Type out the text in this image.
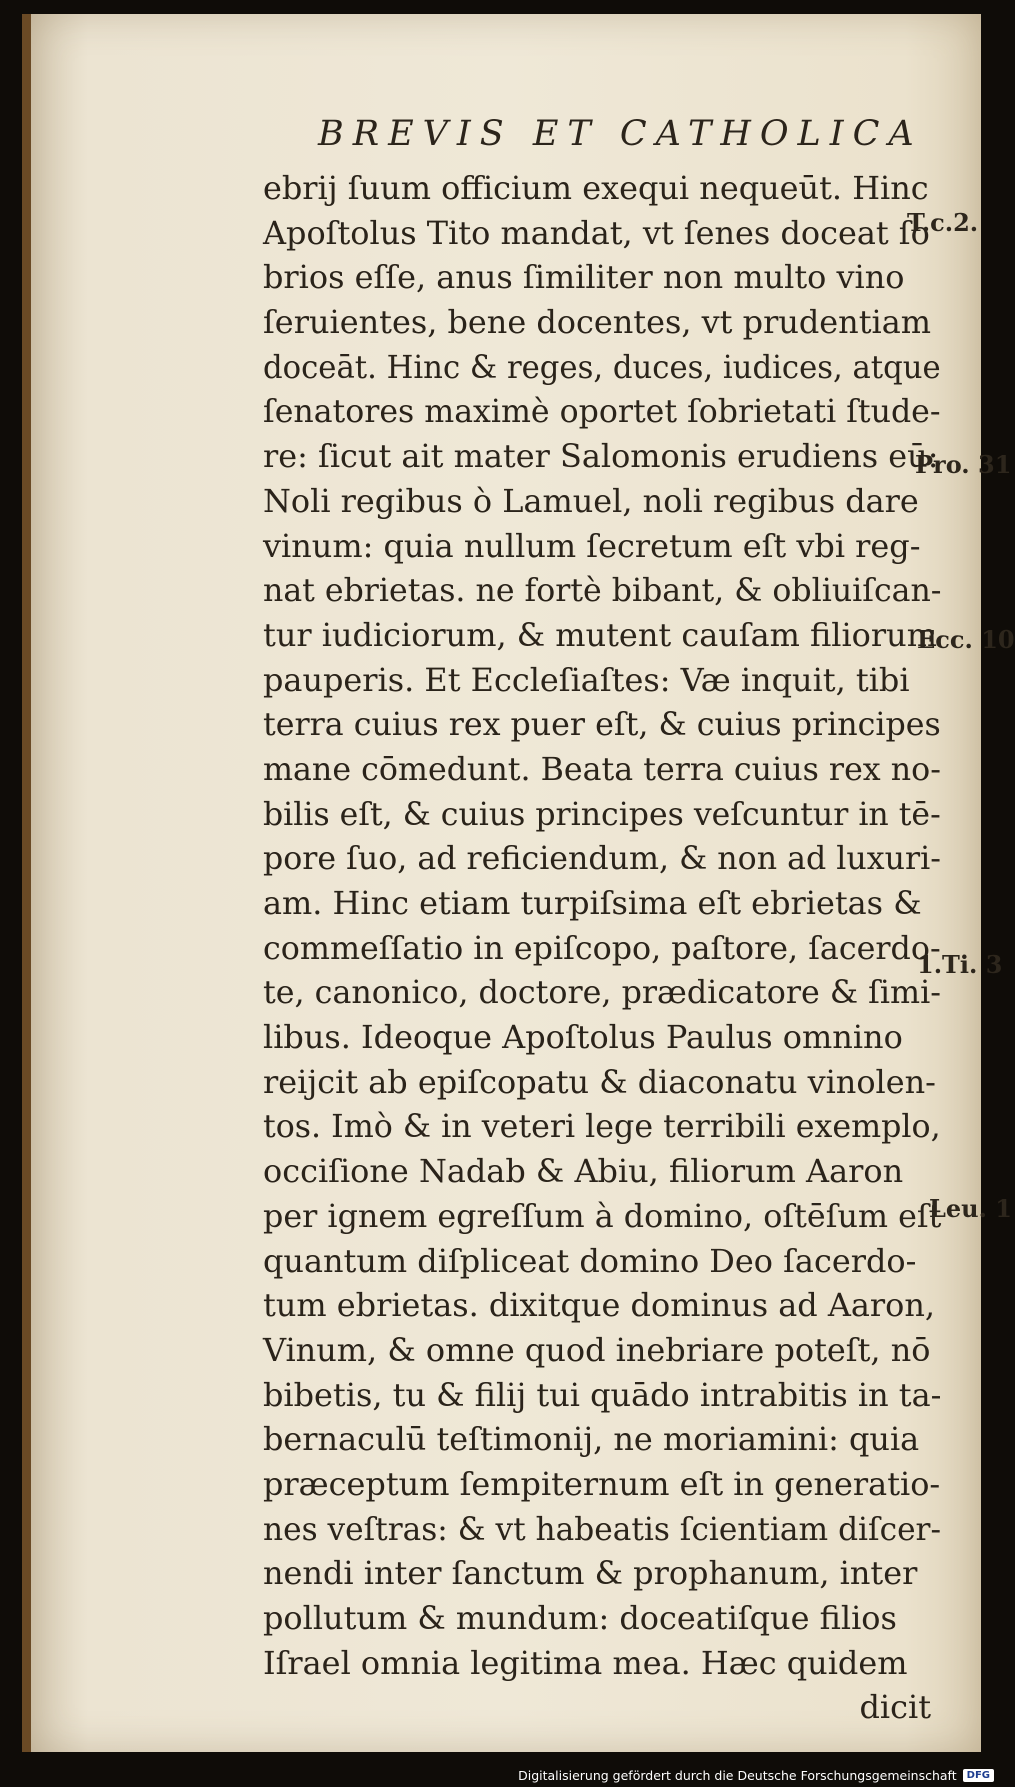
BREVIS ET CATHOLICA
ebrij ſuum officium exequi nequeūt. Hinc
Apoſtolus Tito mandat, vt ſenes doceat ſo
brios eſſe, anus ſimiliter non multo vino
ſeruientes, bene docentes, vt prudentiam
doceāt. Hinc & reges, duces, iudices, atque
ſenatores maximè oportet ſobrietati ſtude-
re: ſicut ait mater Salomonis erudiens eū:
Noli regibus ò Lamuel, noli regibus dare
vinum: quia nullum ſecretum eſt vbi reg-
nat ebrietas. ne fortè bibant, & obliuiſcan-
tur iudiciorum, & mutent cauſam filiorum
pauperis. Et Eccleſiaſtes: Væ inquit, tibi
terra cuius rex puer eſt, & cuius principes
mane cōmedunt. Beata terra cuius rex no-
bilis eſt, & cuius principes veſcuntur in tē-
pore ſuo, ad reficiendum, & non ad luxuri-
am. Hinc etiam turpiſsima eſt ebrietas &
commeſſatio in epiſcopo, paſtore, ſacerdo-
te, canonico, doctore, prædicatore & ſimi-
libus. Ideoque Apoſtolus Paulus omnino
reijcit ab epiſcopatu & diaconatu vinolen-
tos. Imò & in veteri lege terribili exemplo,
occiſione Nadab & Abiu, filiorum Aaron
per ignem egreſſum à domino, oſtēſum eſt
quantum diſpliceat domino Deo ſacerdo-
tum ebrietas. dixitque dominus ad Aaron,
Vinum, & omne quod inebriare poteſt, nō
bibetis, tu & filij tui quādo intrabitis in ta-
bernaculū teſtimonij, ne moriamini: quia
præceptum ſempiternum eſt in generatio-
nes veſtras: & vt habeatis ſcientiam diſcer-
nendi inter ſanctum & prophanum, inter
pollutum & mundum: doceatiſque filios
Iſrael omnia legitima mea. Hæc quidem
dicit
T.c.2.
Pro. 31
Ecc. 10
1.Ti. 3
Leu. 1
Digitalisierung gefördert durch die Deutsche Forschungsgemeinschaft	DFG
